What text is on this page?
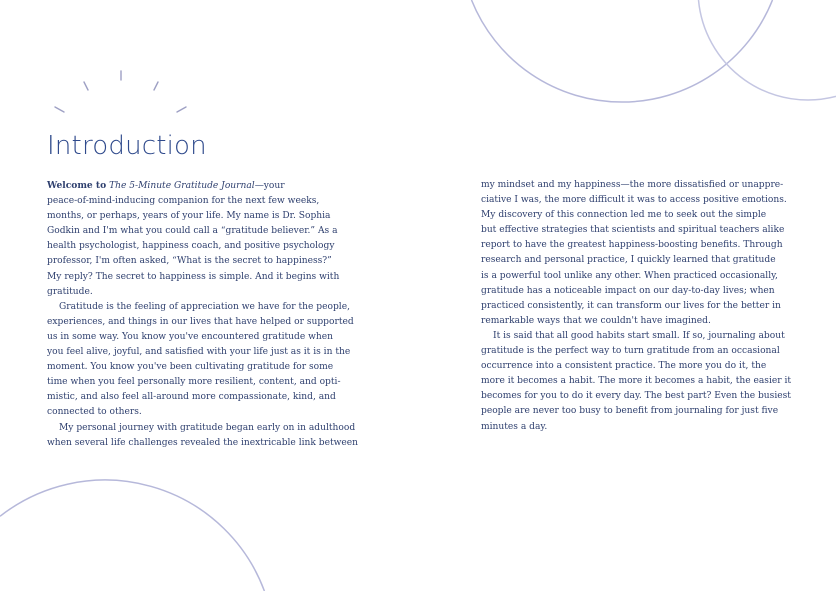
Introduction
Welcome to The 5-Minute Gratitude Journal—your
peace-of-mind-inducing companion for the next few weeks,
months, or perhaps, years of your life. My name is Dr. Sophia
Godkin and I'm what you could call a “gratitude believer.” As a
health psychologist, happiness coach, and positive psychology
professor, I'm often asked, “What is the secret to happiness?”
My reply? The secret to happiness is simple. And it begins with
gratitude.
Gratitude is the feeling of appreciation we have for the people,
experiences, and things in our lives that have helped or supported
us in some way. You know you've encountered gratitude when
you feel alive, joyful, and satisfied with your life just as it is in the
moment. You know you've been cultivating gratitude for some
time when you feel personally more resilient, content, and opti-
mistic, and also feel all-around more compassionate, kind, and
connected to others.
My personal journey with gratitude began early on in adulthood
when several life challenges revealed the inextricable link between
my mindset and my happiness—the more dissatisfied or unappre-
ciative I was, the more difficult it was to access positive emotions.
My discovery of this connection led me to seek out the simple
but effective strategies that scientists and spiritual teachers alike
report to have the greatest happiness-boosting benefits. Through
research and personal practice, I quickly learned that gratitude
is a powerful tool unlike any other. When practiced occasionally,
gratitude has a noticeable impact on our day-to-day lives; when
practiced consistently, it can transform our lives for the better in
remarkable ways that we couldn't have imagined.
It is said that all good habits start small. If so, journaling about
gratitude is the perfect way to turn gratitude from an occasional
occurrence into a consistent practice. The more you do it, the
more it becomes a habit. The more it becomes a habit, the easier it
becomes for you to do it every day. The best part? Even the busiest
people are never too busy to benefit from journaling for just five
minutes a day.
